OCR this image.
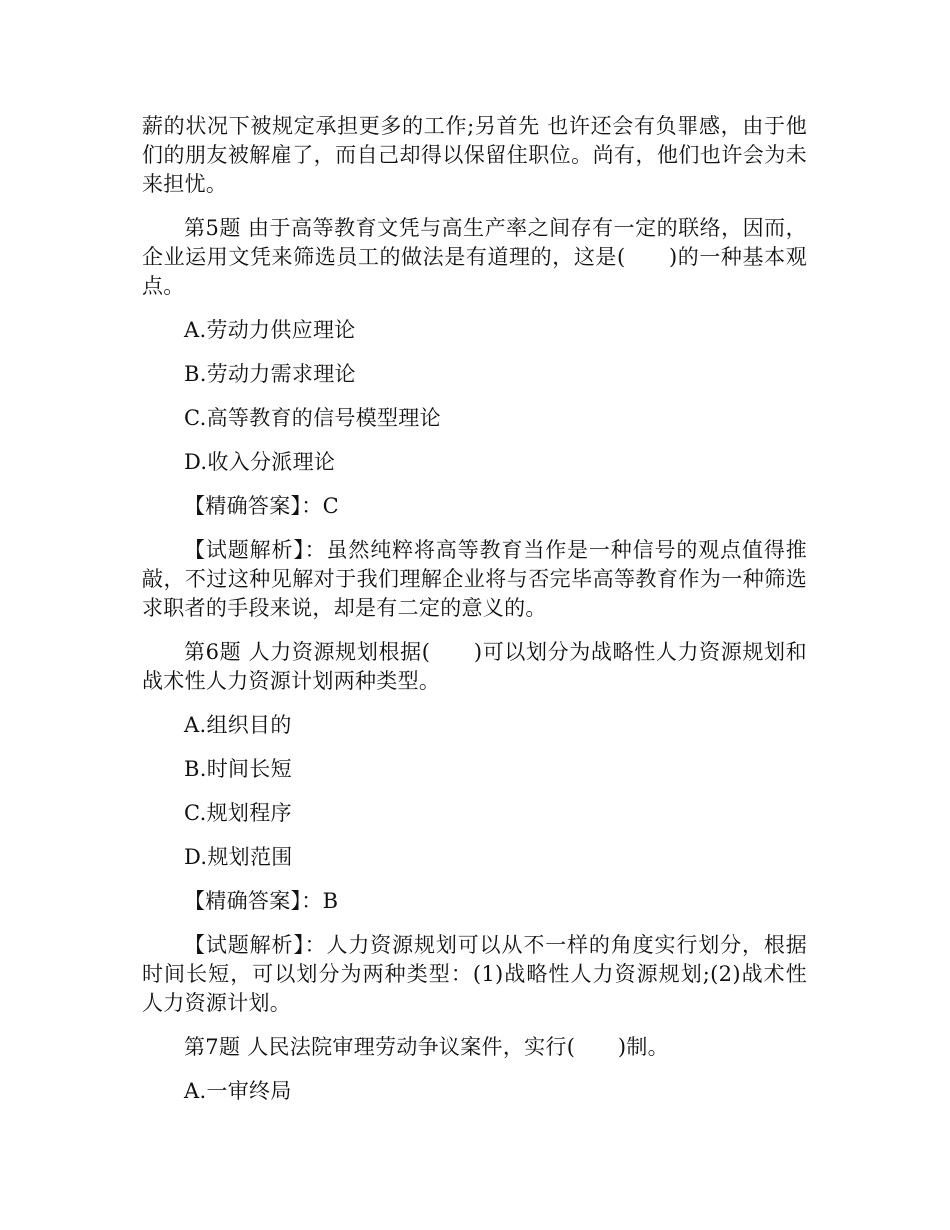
薪的状况下被规定承担更多的工作;另首先 也许还会有负罪感，由于他们的朋友被解雇了，而自己却得以保留住职位。尚有，他们也许会为未来担忧。

第5题 由于高等教育文凭与高生产率之间存有一定的联络，因而，企业运用文凭来筛选员工的做法是有道理的，这是(　　)的一种基本观点。

A.劳动力供应理论
B.劳动力需求理论
C.高等教育的信号模型理论
D.收入分派理论
【精确答案】：C

【试题解析】：虽然纯粹将高等教育当作是一种信号的观点值得推敲，不过这种见解对于我们理解企业将与否完毕高等教育作为一种筛选求职者的手段来说，却是有二定的意义的。

第6题 人力资源规划根据(　　)可以划分为战略性人力资源规划和战术性人力资源计划两种类型。

A.组织目的
B.时间长短
C.规划程序
D.规划范围
【精确答案】：B

【试题解析】：人力资源规划可以从不一样的角度实行划分，根据时间长短，可以划分为两种类型：(1)战略性人力资源规划;(2)战术性人力资源计划。

第7题 人民法院审理劳动争议案件，实行(　　)制。

A.一审终局
